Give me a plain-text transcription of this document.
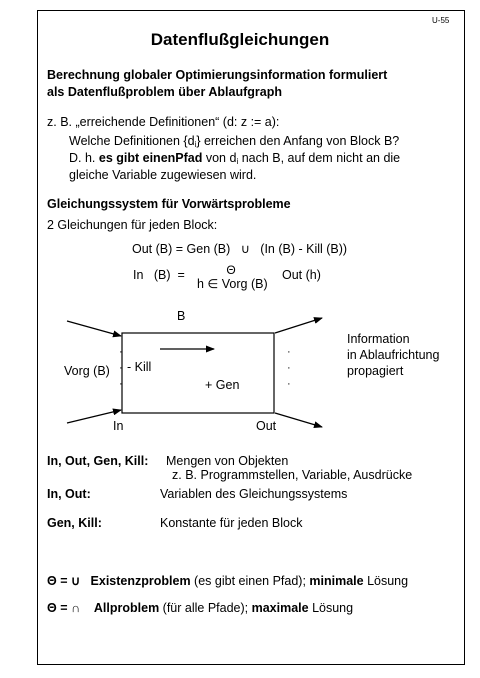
U-55
Datenflußgleichungen
Berechnung globaler Optimierungsinformation formuliert
als Datenflußproblem über Ablaufgraph
z. B. „erreichende Definitionen“ (d: z := a):
Welche Definitionen $\{d_i\}$ erreichen den Anfang von Block B?
D. h. es gibt einenPfad von $d_i$ nach B, auf dem nicht an die
gleiche Variable zugewiesen wird.
Gleichungssystem für Vorwärtsprobleme
2 Gleichungen für jeden Block:
Out (B) = Gen (B)   ∪   (In (B) - Kill (B))
In   (B)  =	Θ
h ∈ Vorg (B)
Out (h)
B
Vorg (B) - Kill
+ Gen
In	Out
·
·
·
·
·
·
Information
in Ablaufrichtung
propagiert
In, Out, Gen, Kill: Mengen von Objekten
z. B. Programmstellen, Variable, Ausdrücke
In, Out:	Variablen des Gleichungssystems
Gen, Kill:	Konstante für jeden Block
Θ = ∪ Existenzproblem (es gibt einen Pfad); minimale Lösung
Θ = ∩ Allproblem (für alle Pfade); maximale Lösung
